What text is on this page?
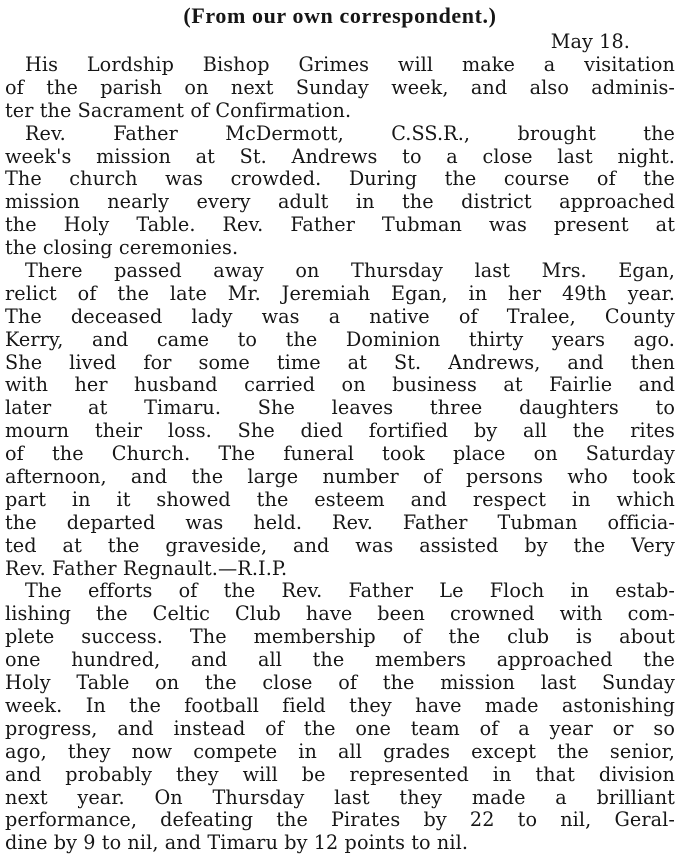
(From our own correspondent.)
May 18.
His Lordship Bishop Grimes will make a visitation
of the parish on next Sunday week, and also adminis-
ter the Sacrament of Confirmation.
Rev. Father McDermott, C.SS.R., brought the
week's mission at St. Andrews to a close last night.
The church was crowded. During the course of the
mission nearly every adult in the district approached
the Holy Table. Rev. Father Tubman was present at
the closing ceremonies.
There passed away on Thursday last Mrs. Egan,
relict of the late Mr. Jeremiah Egan, in her 49th year.
The deceased lady was a native of Tralee, County
Kerry, and came to the Dominion thirty years ago.
She lived for some time at St. Andrews, and then
with her husband carried on business at Fairlie and
later at Timaru. She leaves three daughters to
mourn their loss. She died fortified by all the rites
of the Church. The funeral took place on Saturday
afternoon, and the large number of persons who took
part in it showed the esteem and respect in which
the departed was held. Rev. Father Tubman officia-
ted at the graveside, and was assisted by the Very
Rev. Father Regnault.—R.I.P.
The efforts of the Rev. Father Le Floch in estab-
lishing the Celtic Club have been crowned with com-
plete success. The membership of the club is about
one hundred, and all the members approached the
Holy Table on the close of the mission last Sunday
week. In the football field they have made astonishing
progress, and instead of the one team of a year or so
ago, they now compete in all grades except the senior,
and probably they will be represented in that division
next year. On Thursday last they made a brilliant
performance, defeating the Pirates by 22 to nil, Geral-
dine by 9 to nil, and Timaru by 12 points to nil.
